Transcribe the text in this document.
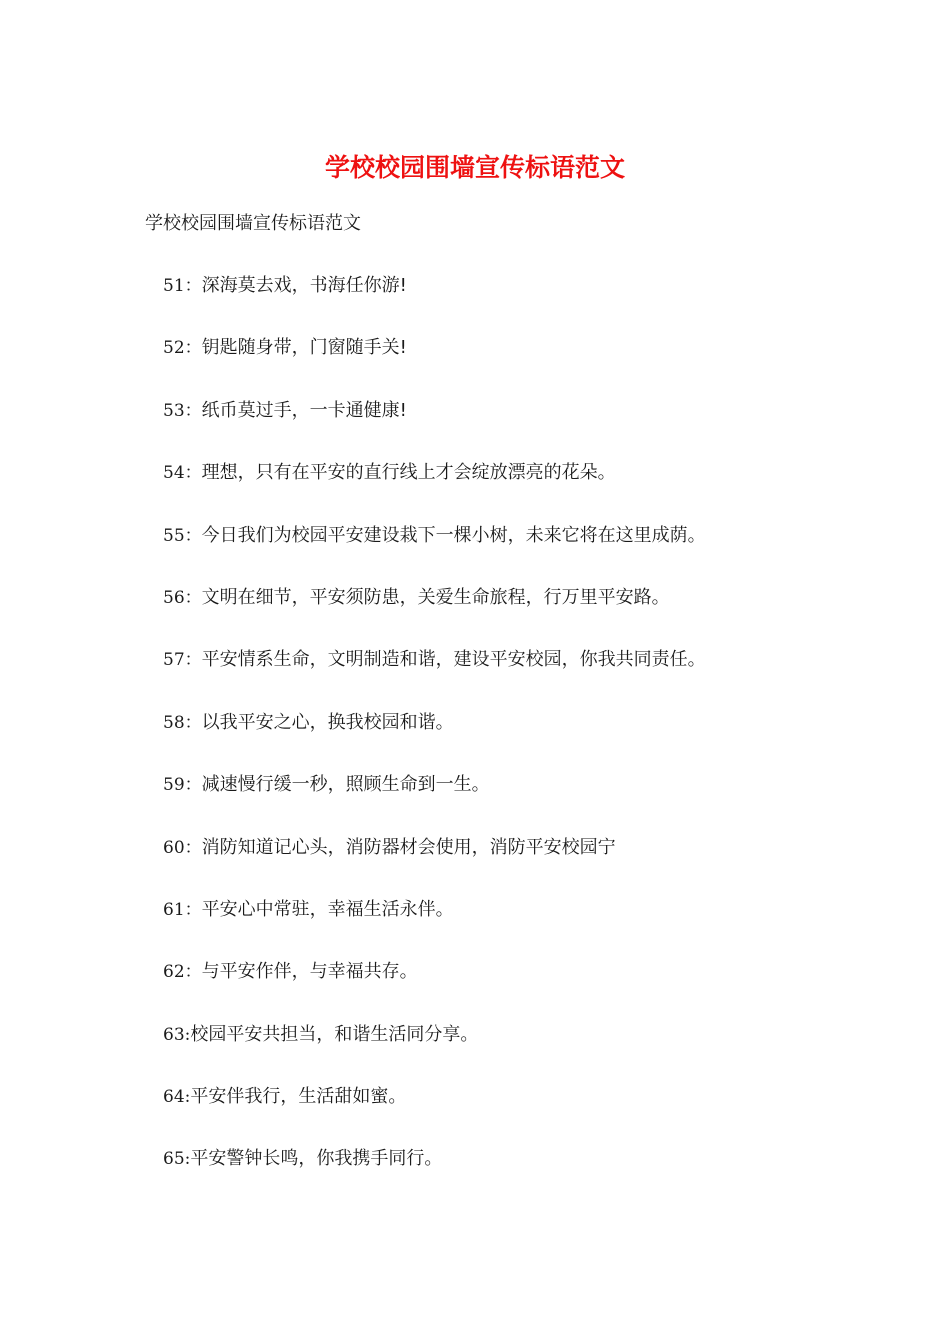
学校校园围墙宣传标语范文

学校校园围墙宣传标语范文

51：深海莫去戏，书海任你游!
52：钥匙随身带，门窗随手关!
53：纸币莫过手，一卡通健康!
54：理想，只有在平安的直行线上才会绽放漂亮的花朵。
55：今日我们为校园平安建设栽下一棵小树，未来它将在这里成荫。
56：文明在细节，平安须防患，关爱生命旅程，行万里平安路。
57：平安情系生命，文明制造和谐，建设平安校园，你我共同责任。
58：以我平安之心，换我校园和谐。
59：减速慢行缓一秒，照顾生命到一生。
60：消防知道记心头，消防器材会使用，消防平安校园宁
61：平安心中常驻，幸福生活永伴。
62：与平安作伴，与幸福共存。
63:校园平安共担当，和谐生活同分享。
64:平安伴我行，生活甜如蜜。
65:平安警钟长鸣，你我携手同行。
